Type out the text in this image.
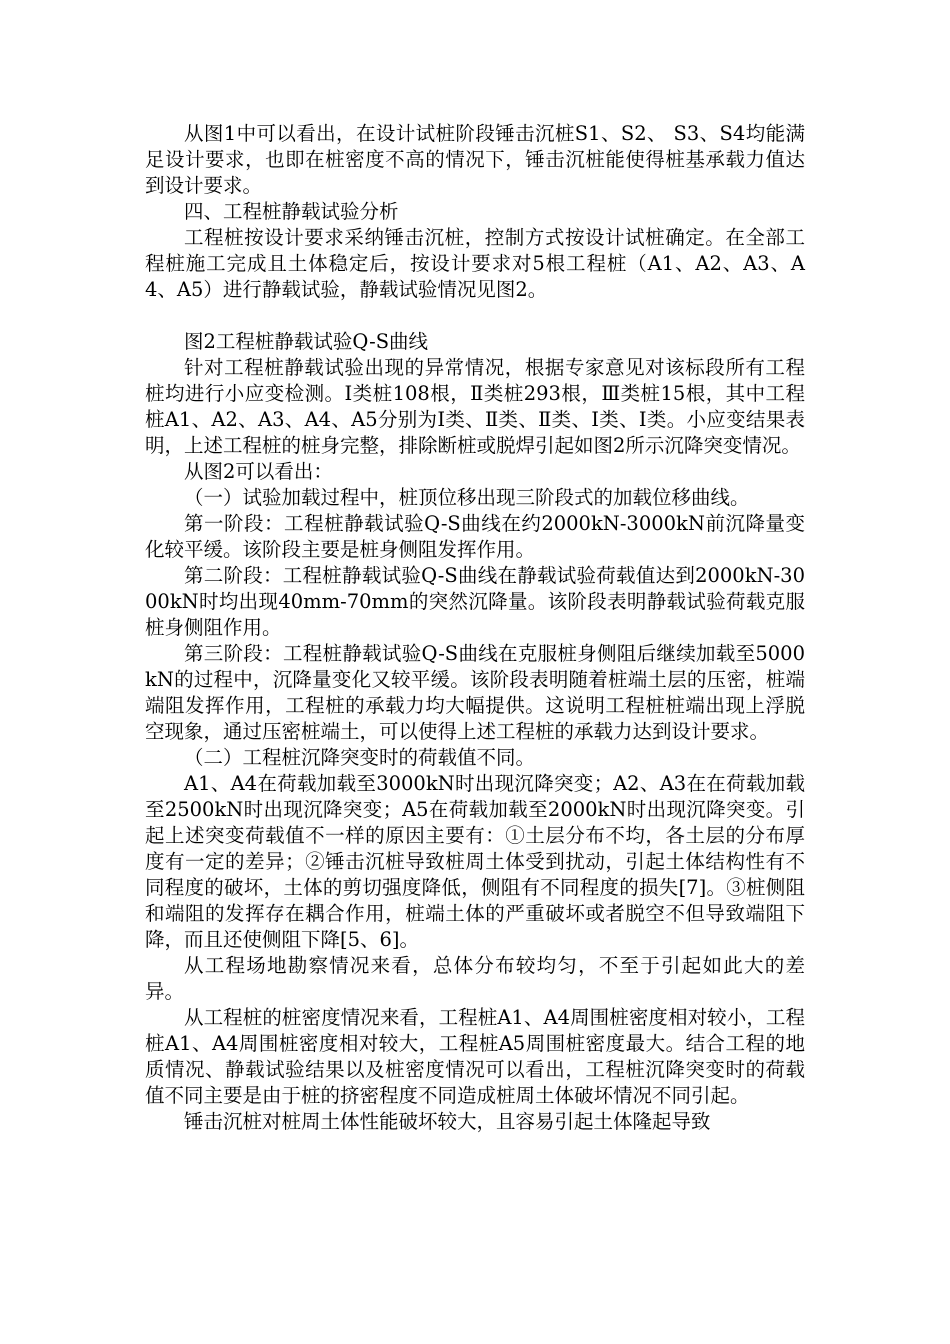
从图1中可以看出，在设计试桩阶段锤击沉桩S1、S2、 S3、S4均能满足设计要求，也即在桩密度不高的情况下，锤击沉桩能使得桩基承载力值达到设计要求。

四、工程桩静载试验分析

工程桩按设计要求采纳锤击沉桩，控制方式按设计试桩确定。在全部工程桩施工完成且土体稳定后，按设计要求对5根工程桩（A1、A2、A3、A4、A5）进行静载试验，静载试验情况见图2。

图2工程桩静载试验Q-S曲线

针对工程桩静载试验出现的异常情况，根据专家意见对该标段所有工程桩均进行小应变检测。Ⅰ类桩108根，Ⅱ类桩293根，Ⅲ类桩15根，其中工程桩A1、A2、A3、A4、A5分别为Ⅰ类、Ⅱ类、Ⅱ类、Ⅰ类、Ⅰ类。小应变结果表明，上述工程桩的桩身完整，排除断桩或脱焊引起如图2所示沉降突变情况。

从图2可以看出：

（一）试验加载过程中，桩顶位移出现三阶段式的加载位移曲线。

第一阶段：工程桩静载试验Q-S曲线在约2000kN-3000kN前沉降量变化较平缓。该阶段主要是桩身侧阻发挥作用。

第二阶段：工程桩静载试验Q-S曲线在静载试验荷载值达到2000kN-3000kN时均出现40mm-70mm的突然沉降量。该阶段表明静载试验荷载克服桩身侧阻作用。

第三阶段：工程桩静载试验Q-S曲线在克服桩身侧阻后继续加载至5000kN的过程中，沉降量变化又较平缓。该阶段表明随着桩端土层的压密，桩端端阻发挥作用，工程桩的承载力均大幅提供。这说明工程桩桩端出现上浮脱空现象，通过压密桩端土，可以使得上述工程桩的承载力达到设计要求。

（二）工程桩沉降突变时的荷载值不同。

A1、A4在荷载加载至3000kN时出现沉降突变；A2、A3在在荷载加载至2500kN时出现沉降突变；A5在荷载加载至2000kN时出现沉降突变。引起上述突变荷载值不一样的原因主要有：①土层分布不均，各土层的分布厚度有一定的差异；②锤击沉桩导致桩周土体受到扰动，引起土体结构性有不同程度的破坏，土体的剪切强度降低，侧阻有不同程度的损失[7]。③桩侧阻和端阻的发挥存在耦合作用，桩端土体的严重破坏或者脱空不但导致端阻下降，而且还使侧阻下降[5、6]。

从工程场地勘察情况来看，总体分布较均匀，不至于引起如此大的差异。

从工程桩的桩密度情况来看，工程桩A1、A4周围桩密度相对较小，工程桩A1、A4周围桩密度相对较大，工程桩A5周围桩密度最大。结合工程的地质情况、静载试验结果以及桩密度情况可以看出，工程桩沉降突变时的荷载值不同主要是由于桩的挤密程度不同造成桩周土体破坏情况不同引起。

锤击沉桩对桩周土体性能破坏较大，且容易引起土体隆起导致
